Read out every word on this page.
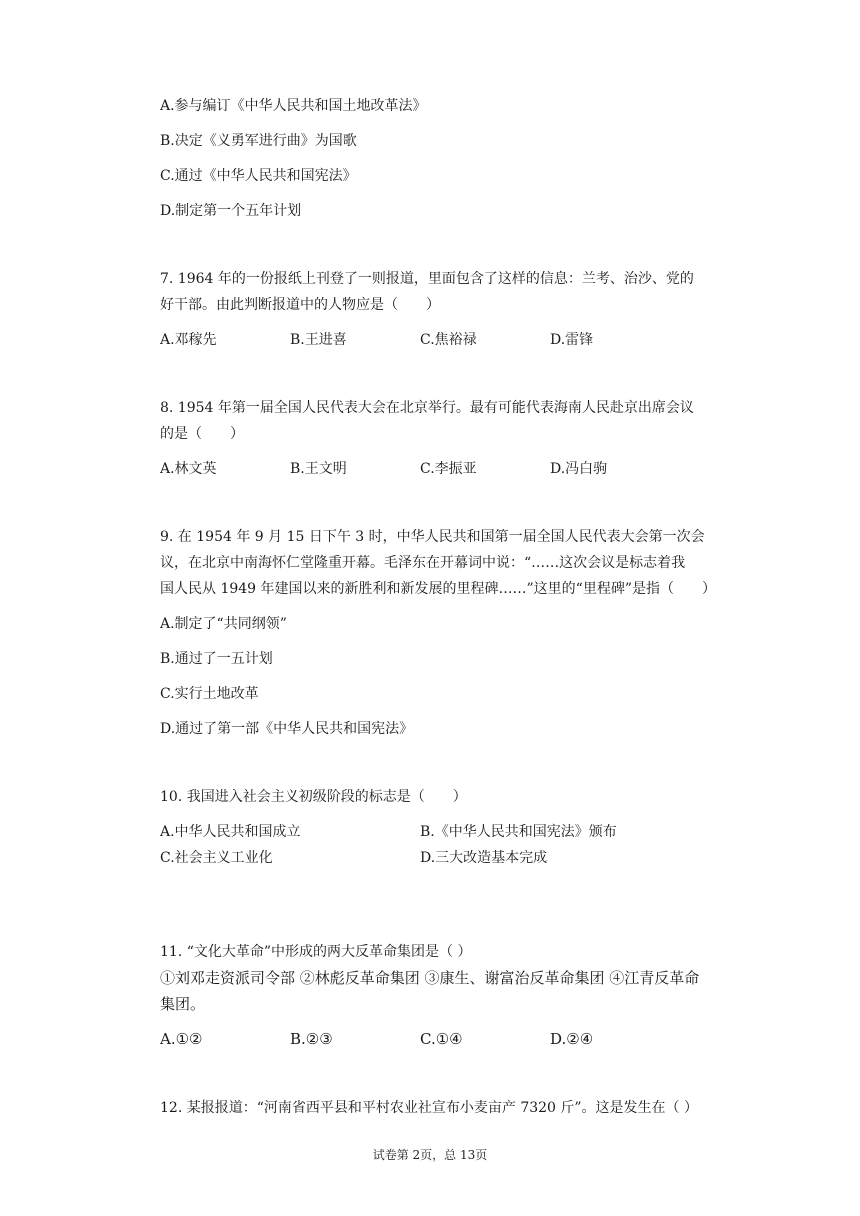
A.参与编订《中华人民共和国土地改革法》
B.决定《义勇军进行曲》为国歌
C.通过《中华人民共和国宪法》
D.制定第一个五年计划
7. 1964 年的一份报纸上刊登了一则报道，里面包含了这样的信息：兰考、治沙、党的
好干部。由此判断报道中的人物应是（　　）
A.邓稼先	B.王进喜	C.焦裕禄	D.雷锋
8. 1954 年第一届全国人民代表大会在北京举行。最有可能代表海南人民赴京出席会议
的是（　　）
A.林文英	B.王文明	C.李振亚	D.冯白驹
9. 在 1954 年 9 月 15 日下午 3 时，中华人民共和国第一届全国人民代表大会第一次会
议，在北京中南海怀仁堂隆重开幕。毛泽东在开幕词中说：“……这次会议是标志着我
国人民从 1949 年建国以来的新胜利和新发展的里程碑……”这里的“里程碑”是指（　　）
A.制定了“共同纲领”
B.通过了一五计划
C.实行土地改革
D.通过了第一部《中华人民共和国宪法》
10. 我国进入社会主义初级阶段的标志是（　　）
A.中华人民共和国成立	B.《中华人民共和国宪法》颁布
C.社会主义工业化	D.三大改造基本完成
11. “文化大革命”中形成的两大反革命集团是（ ）
①刘邓走资派司令部 ②林彪反革命集团 ③康生、谢富治反革命集团 ④江青反革命
集团。
A.①②	B.②③	C.①④	D.②④
12. 某报报道：“河南省西平县和平村农业社宣布小麦亩产 7320 斤”。这是发生在（ ）
试卷第 2页，总 13页
